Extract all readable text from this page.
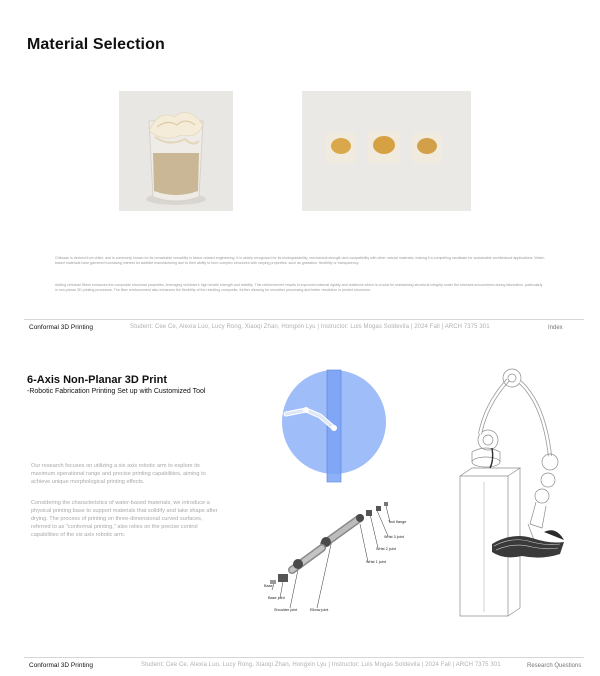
Material Selection
Chitosan is derived from chitin, and is commonly known for its remarkable versatility in tissue-related engineering. It is widely recognized for its biodegradability, mechanical strength and compatibility with other natural materials, making it a compelling candidate for sustainable architectural applications. Water-based materials have garnered increasing interest for additive manufacturing due to their ability to form complex structures with varying properties, such as gradation, flexibility or transparency.
Adding cellulose fibers enhances the composite structural properties, leveraging cellulose's high tensile strength and stability. This reinforcement results in improved material rigidity and resilience which is crucial for maintaining structural integrity under the stresses encountered during fabrication, particularly in non-planar 3D printing processes. The fiber reinforcement also enhances the flexibility of the resulting composite, further allowing for smoother processing and better resolution in printed structures.
Conformal 3D Printing	Student: Cee Ce, Alexia Luo, Lucy Rong, Xiaoqi Zhan, Hongxin Lyu | Instructor: Luis Mogas Soldevila | 2024 Fall | ARCH 7375 301	Index
6-Axis Non-Planar 3D Print
-Robotic Fabrication Printing Set up with Customized Tool
Our research focuses on utilizing a six axis robotic arm to explore its maximum operational range and precise printing capabilities, aiming to achieve unique morphological printing effects.
Considering the characteristics of water-based materials, we introduce a physical printing base to support materials that solidify and take shape after drying. The process of printing on three-dimensional curved surfaces, referred to as "conformal printing," also relies on the precise control capabilities of the six axis robotic arm.
Tool flange
Wrist 3 joint
Wrist 2 joint
Wrist 1 joint
Base
Base joint
Shoulder joint	Elbow joint
Conformal 3D Printing	Student: Cee Ce, Alexia Luo, Lucy Rong, Xiaoqi Zhan, Hongxin Lyu | Instructor: Luis Mogas Soldevila | 2024 Fall | ARCH 7375 301	Research Questions
